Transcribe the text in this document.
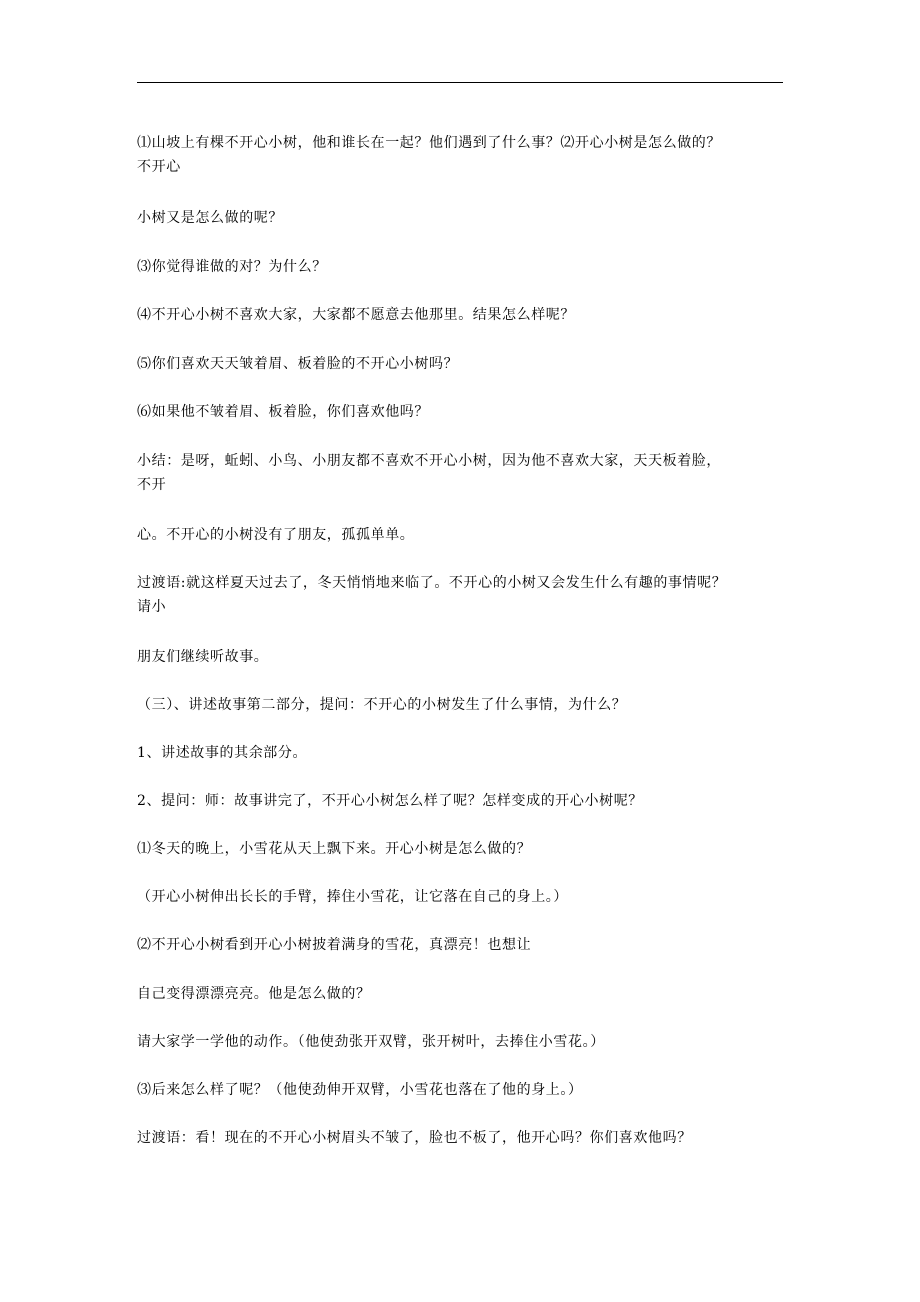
⑴山坡上有棵不开心小树，他和谁长在一起？他们遇到了什么事？⑵开心小树是怎么做的？
不开心
小树又是怎么做的呢？
⑶你觉得谁做的对？为什么？
⑷不开心小树不喜欢大家，大家都不愿意去他那里。结果怎么样呢？
⑸你们喜欢天天皱着眉、板着脸的不开心小树吗？
⑹如果他不皱着眉、板着脸，你们喜欢他吗？
小结：是呀，蚯蚓、小鸟、小朋友都不喜欢不开心小树，因为他不喜欢大家，天天板着脸，
不开
心。不开心的小树没有了朋友，孤孤单单。
过渡语:就这样夏天过去了，冬天悄悄地来临了。不开心的小树又会发生什么有趣的事情呢？
请小
朋友们继续听故事。
（三）、讲述故事第二部分，提问：不开心的小树发生了什么事情，为什么？
1、讲述故事的其余部分。
2、提问：师：故事讲完了，不开心小树怎么样了呢？怎样变成的开心小树呢？
⑴冬天的晚上，小雪花从天上飘下来。开心小树是怎么做的？
（开心小树伸出长长的手臂，捧住小雪花，让它落在自己的身上。）
⑵不开心小树看到开心小树披着满身的雪花，真漂亮！也想让
自己变得漂漂亮亮。他是怎么做的？
请大家学一学他的动作。（他使劲张开双臂，张开树叶，去捧住小雪花。）
⑶后来怎么样了呢？（他使劲伸开双臂，小雪花也落在了他的身上。）
过渡语：看！现在的不开心小树眉头不皱了，脸也不板了，他开心吗？你们喜欢他吗？
